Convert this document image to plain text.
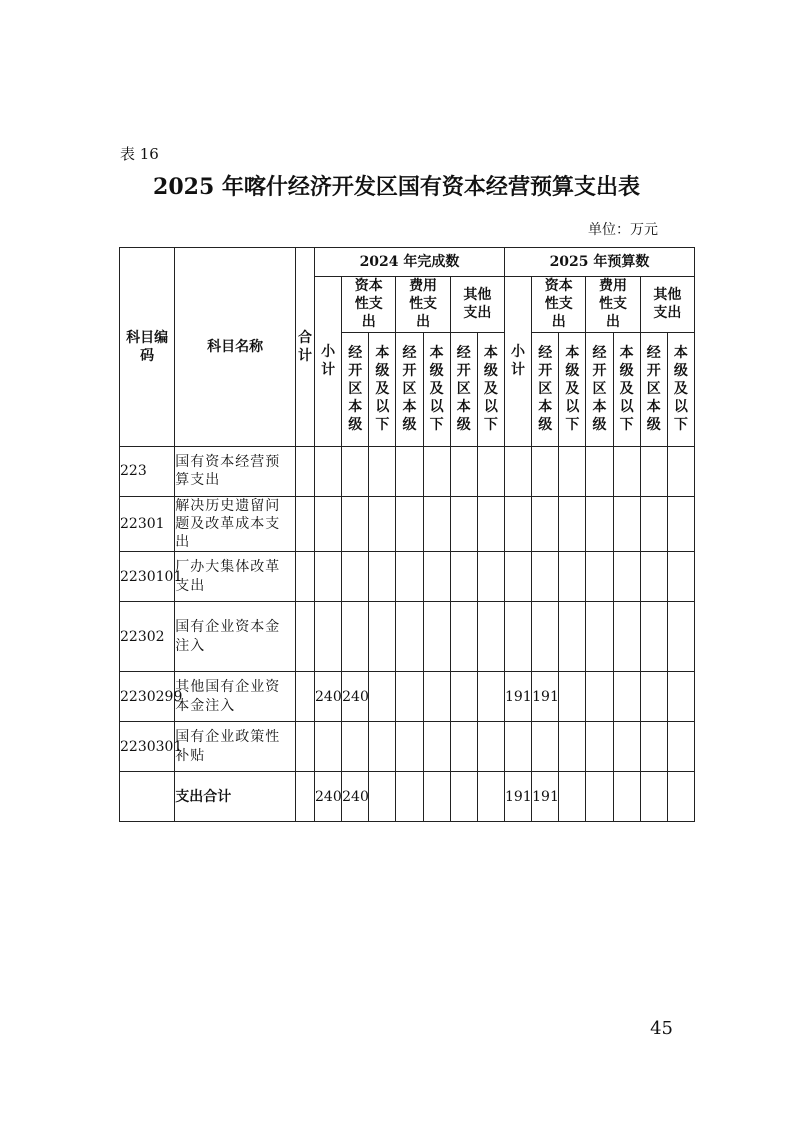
表 16
2025 年喀什经济开发区国有资本经营预算支出表
单位：万元
科目编码	科目名称	合计	2024 年完成数							2025 年预算数						
			小计	资本性支出		费用性支出		其他支出		小计	资本性支出		费用性支出		其他支出	
				经开区本级	本级及以下	经开区本级	本级及以下	经开区本级	本级及以下		经开区本级	本级及以下	经开区本级	本级及以下	经开区本级	本级及以下
223	国有资本经营预算支出															
22301	解决历史遗留问题及改革成本支出															
2230101	厂办大集体改革支出															
22302	国有企业资本金注入															
2230299	其他国有企业资本金注入		240	240						191	191					
2230301	国有企业政策性补贴															
	支出合计		240	240						191	191					
45
